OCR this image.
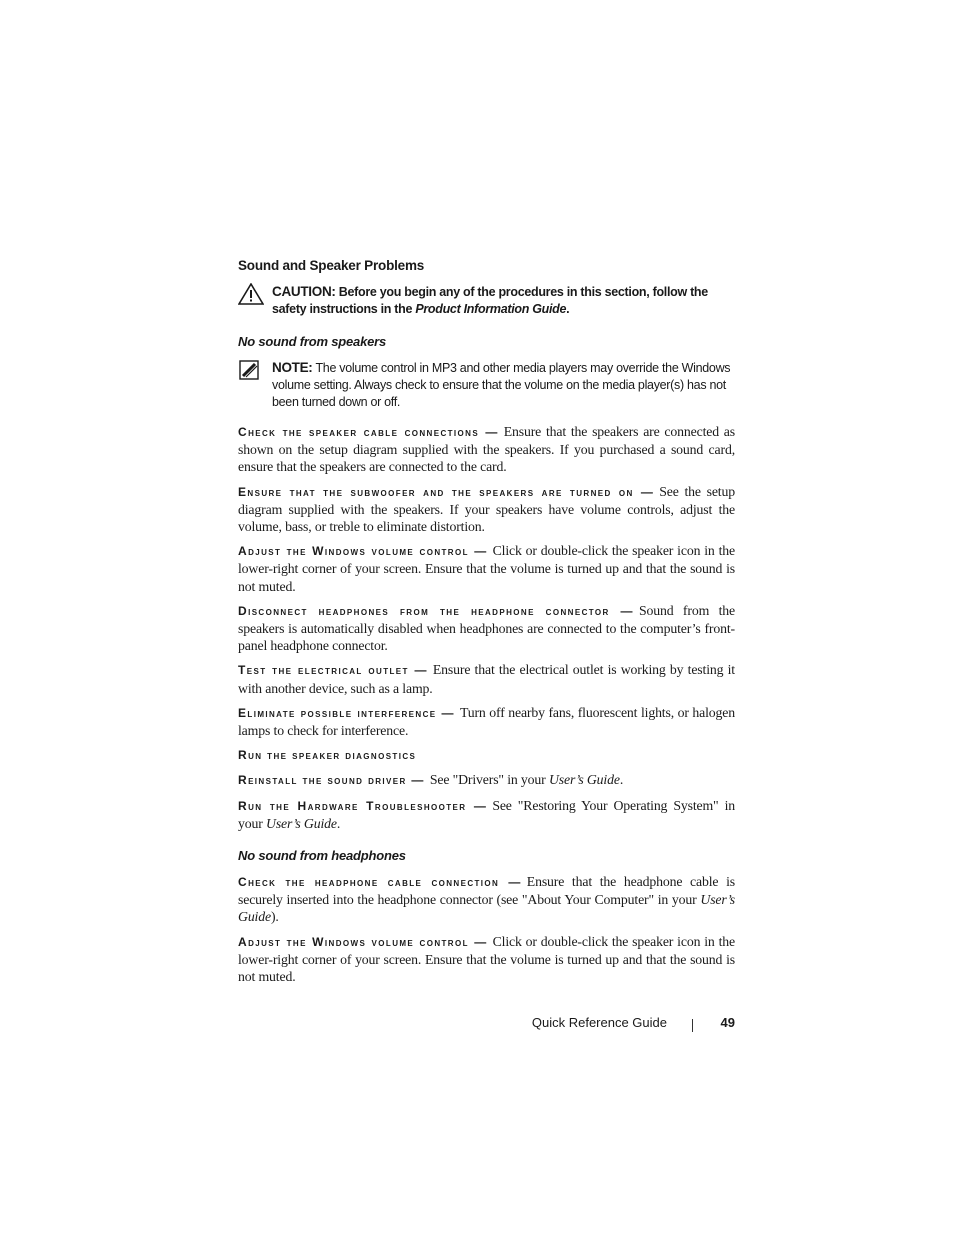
Sound and Speaker Problems
CAUTION: Before you begin any of the procedures in this section, follow the safety instructions in the Product Information Guide.
No sound from speakers
NOTE: The volume control in MP3 and other media players may override the Windows volume setting. Always check to ensure that the volume on the media player(s) has not been turned down or off.
Check the speaker cable connections — Ensure that the speakers are connected as shown on the setup diagram supplied with the speakers. If you purchased a sound card, ensure that the speakers are connected to the card.
Ensure that the subwoofer and the speakers are turned on — See the setup diagram supplied with the speakers. If your speakers have volume controls, adjust the volume, bass, or treble to eliminate distortion.
Adjust the Windows volume control — Click or double-click the speaker icon in the lower-right corner of your screen. Ensure that the volume is turned up and that the sound is not muted.
Disconnect headphones from the headphone connector — Sound from the speakers is automatically disabled when headphones are connected to the computer’s front-panel headphone connector.
Test the electrical outlet — Ensure that the electrical outlet is working by testing it with another device, such as a lamp.
Eliminate possible interference — Turn off nearby fans, fluorescent lights, or halogen lamps to check for interference.
Run the speaker diagnostics
Reinstall the sound driver — See "Drivers" in your User’s Guide.
Run the Hardware Troubleshooter — See "Restoring Your Operating System" in your User’s Guide.
No sound from headphones
Check the headphone cable connection — Ensure that the headphone cable is securely inserted into the headphone connector (see "About Your Computer" in your User’s Guide).
Adjust the Windows volume control — Click or double-click the speaker icon in the lower-right corner of your screen. Ensure that the volume is turned up and that the sound is not muted.
Quick Reference Guide	49
